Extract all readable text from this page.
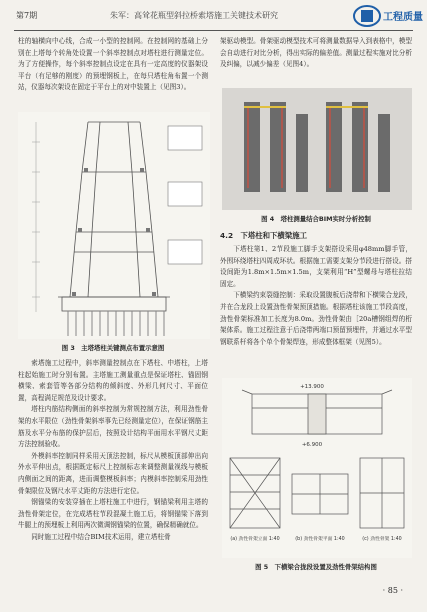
第7期	朱军：高耸花瓶型斜拉桥索塔施工关键技术研究	工程质量

柱的轴横向中心线，合成一小型的控制网。在控制网的基础上分别在上塔每个转角处设置一个斜率控制点对塔柱进行测量定位。为了方便操作，每个斜率控制点设定在具有一定高度的仪器架设平台（有足够的刚度）的预埋钢板上，在每只塔柱角布置一个测站，仪器每次架设在固定于平台上的对中装置上（见图3）。

图 3　主塔塔柱关键测点布置示意图

索塔施工过程中，斜率测量控制点在下塔柱、中塔柱，上塔柱起始施工时分别布置。主塔施工测量重点是保证塔柱、锚固钢横梁、索套管等各部分结构的倾斜度、外形几何尺寸、平面位置，高程满足规范及设计要求。

塔柱内筋结构侧面的斜率控制为常规控制方法，利用劲性骨架的水平限位（劲性骨架斜率事先已经测量定位），在保证钢筋主筋及水平分布筋的保护层后，按照设计结构平面用水平钢尺丈距方法控制验收。

外模斜率控制同样采用天顶法控制，标尺从模板顶部伸出向外水平伸出点，根据既定标尺上控制标志来调整测量视线与模板内侧面之间的距离，进而调整模板斜率；内模斜率控制采用劲性骨架限位及钢尺水平丈距的方法进行定位。

钢锚梁的安装穿插在上塔柱施工中进行，钢锚梁利用主塔的劲性骨架定位，在完成塔柱节段混凝土施工后，将钢锚梁下落到牛腿上的预埋板上利用两次微调钢锚梁的位置，确保精确就位。

同时施工过程中结合BIM技术运用，建立塔柱骨

架驱动模型。骨架驱动模型技术可将测量数据导入到表格中，模型会自动进行对比分析，得出实际的偏差值。测量过程实施对比分析及纠偏，以减少偏差（见图4）。

图 4　塔柱测量结合BIM实时分析控制
4.2　下塔柱和下横梁施工

下塔柱第1、2节段施工脚手支架搭设采用φ48mm脚手管，外围环绕塔柱四周成环状。根据施工需要支架分节段进行搭设。搭设间距为1.8m×1.5m×1.5m，支架利用“H”型螺母与塔柱拉结固定。

下横梁约束裂缝控制：采取设置腹板后浇带和下横梁合龙段，并在合龙段上设置劲性骨架预顶措施。根据塔柱该施工节段高度，劲性骨架标准加工长度为8.0m。劲性骨架由［20a槽钢组焊的桁架体系。施工过程注意于后浇带两端口预留预埋件，并通过水平型钢联系杆将各个单个骨架焊连，形成整体框架（见图5）。

+13.900
+6.900
(a) 劲性骨架立面 1:40	(b) 劲性骨架平面 1:40	(c) 劲性骨架 1:40
图 5　下横梁合拢段设置及劲性骨架结构图
· 85 ·
